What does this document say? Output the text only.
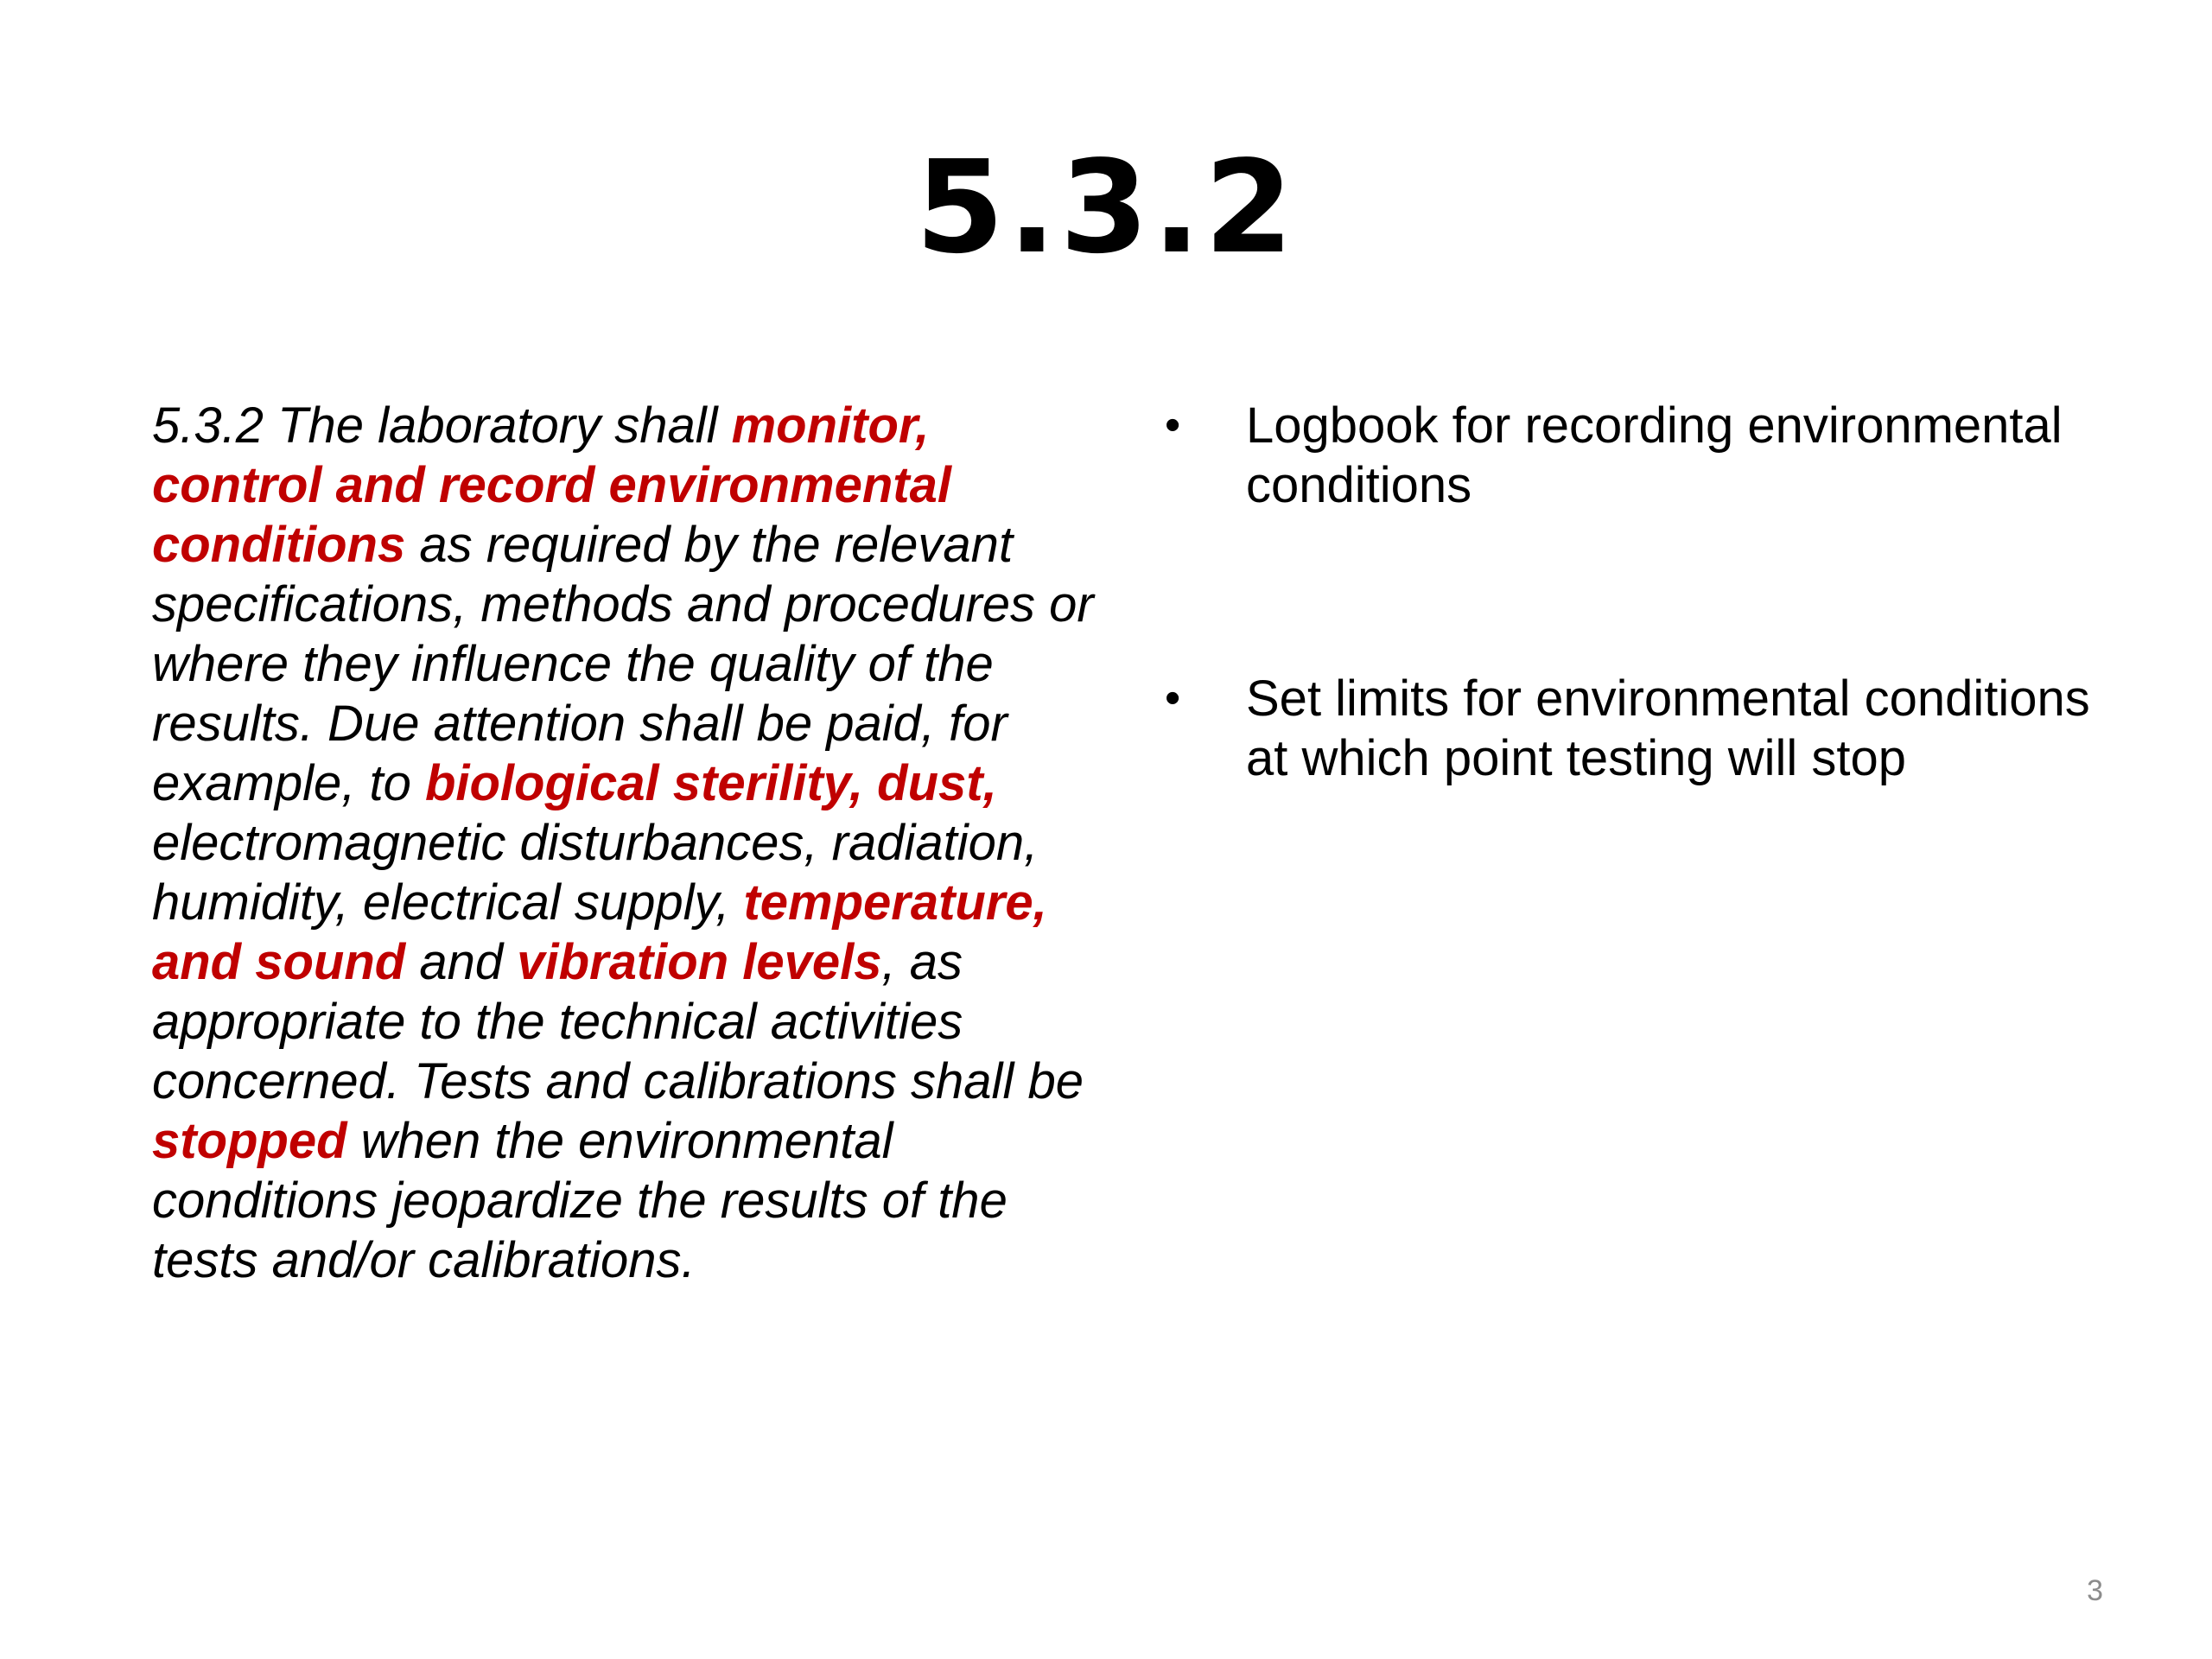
5.3.2
5.3.2 The laboratory shall monitor, control and record environmental conditions as required by the relevant specifications, methods and procedures or where they influence the quality of the results. Due attention shall be paid, for example, to biological sterility, dust, electromagnetic disturbances, radiation, humidity, electrical supply, temperature, and sound and vibration levels, as appropriate to the technical activities concerned. Tests and calibrations shall be stopped when the environmental conditions jeopardize the results of the tests and/or calibrations.
• Logbook for recording environmental conditions
• Set limits for environmental conditions at which point testing will stop
3
